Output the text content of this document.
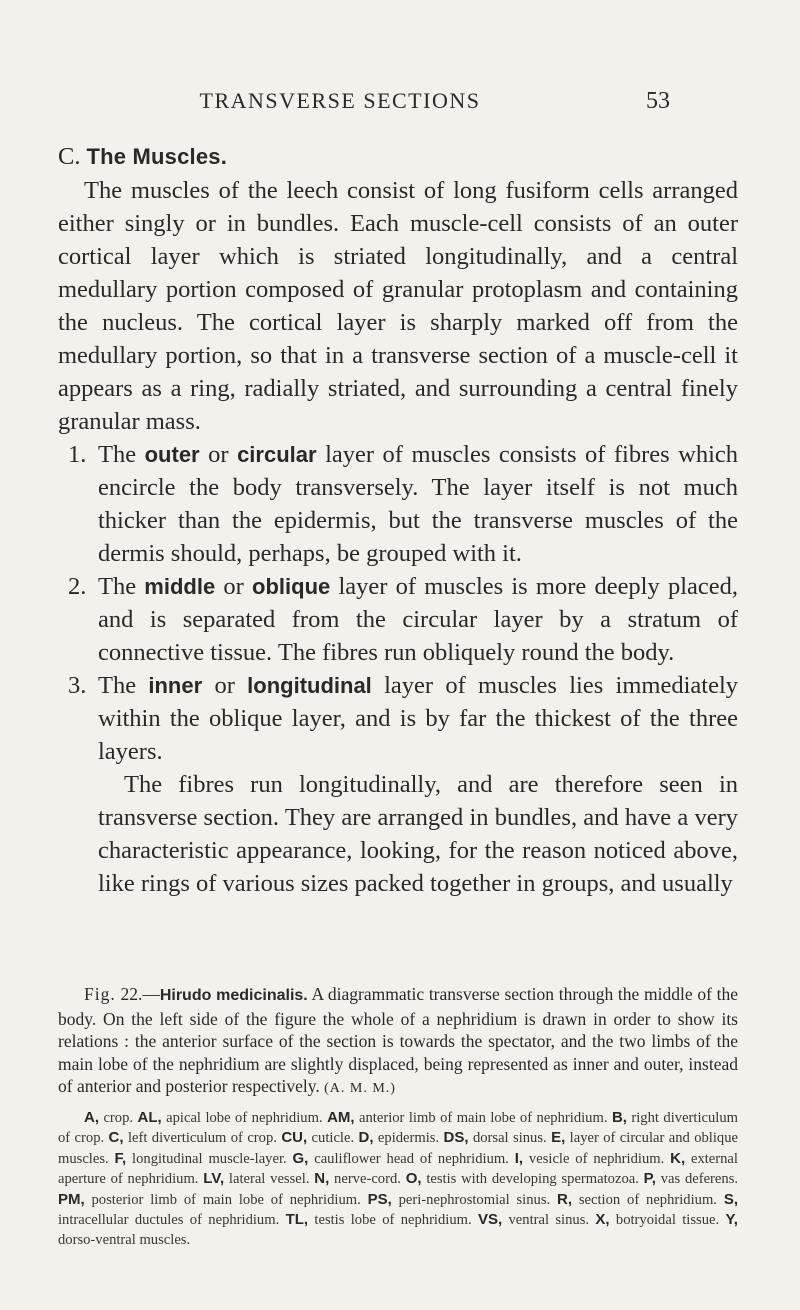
TRANSVERSE SECTIONS	53
C. The Muscles.

The muscles of the leech consist of long fusiform cells arranged either singly or in bundles. Each muscle-cell consists of an outer cortical layer which is striated longitudinally, and a central medullary portion composed of granular protoplasm and containing the nucleus. The cortical layer is sharply marked off from the medullary portion, so that in a transverse section of a muscle-cell it appears as a ring, radially striated, and surrounding a central finely granular mass.

1. The outer or circular layer of muscles consists of fibres which encircle the body transversely. The layer itself is not much thicker than the epidermis, but the transverse muscles of the dermis should, perhaps, be grouped with it.
2. The middle or oblique layer of muscles is more deeply placed, and is separated from the circular layer by a stratum of connective tissue. The fibres run obliquely round the body.
3. The inner or longitudinal layer of muscles lies immediately within the oblique layer, and is by far the thickest of the three layers.

The fibres run longitudinally, and are therefore seen in transverse section. They are arranged in bundles, and have a very characteristic appearance, looking, for the reason noticed above, like rings of various sizes packed together in groups, and usually

Fig. 22.—Hirudo medicinalis. A diagrammatic transverse section through the middle of the body. On the left side of the figure the whole of a nephridium is drawn in order to show its relations : the anterior surface of the section is towards the spectator, and the two limbs of the main lobe of the nephridium are slightly displaced, being represented as inner and outer, instead of anterior and posterior respectively. (A. M. M.)

A, crop. AL, apical lobe of nephridium. AM, anterior limb of main lobe of nephridium. B, right diverticulum of crop. C, left diverticulum of crop. CU, cuticle. D, epidermis. DS, dorsal sinus. E, layer of circular and oblique muscles. F, longitudinal muscle-layer. G, cauliflower head of nephridium. I, vesicle of nephridium. K, external aperture of nephridium. LV, lateral vessel. N, nerve-cord. O, testis with developing spermatozoa. P, vas deferens. PM, posterior limb of main lobe of nephridium. PS, peri-nephrostomial sinus. R, section of nephridium. S, intracellular ductules of nephridium. TL, testis lobe of nephridium. VS, ventral sinus. X, botryoidal tissue. Y, dorso-ventral muscles.
